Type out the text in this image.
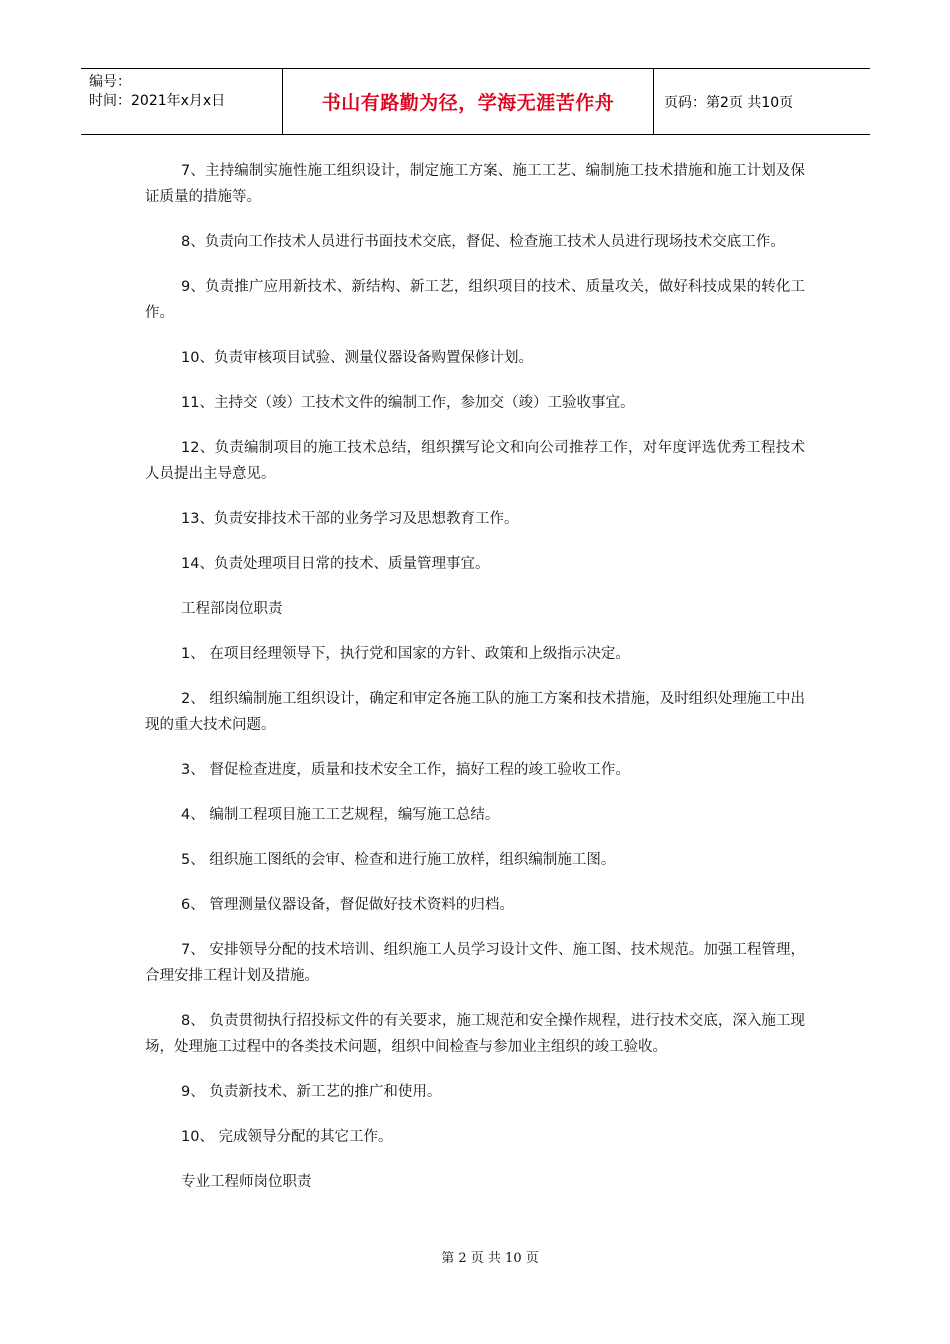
编号：
时间：2021年x月x日	书山有路勤为径，学海无涯苦作舟	页码：第2页 共10页

7、主持编制实施性施工组织设计，制定施工方案、施工工艺、编制施工技术措施和施工计划及保证质量的措施等。

8、负责向工作技术人员进行书面技术交底，督促、检查施工技术人员进行现场技术交底工作。

9、负责推广应用新技术、新结构、新工艺，组织项目的技术、质量攻关，做好科技成果的转化工作。

10、负责审核项目试验、测量仪器设备购置保修计划。

11、主持交（竣）工技术文件的编制工作，参加交（竣）工验收事宜。

12、负责编制项目的施工技术总结，组织撰写论文和向公司推荐工作，对年度评选优秀工程技术人员提出主导意见。

13、负责安排技术干部的业务学习及思想教育工作。

14、负责处理项目日常的技术、质量管理事宜。

工程部岗位职责

1、 在项目经理领导下，执行党和国家的方针、政策和上级指示决定。

2、 组织编制施工组织设计，确定和审定各施工队的施工方案和技术措施，及时组织处理施工中出现的重大技术问题。

3、 督促检查进度，质量和技术安全工作，搞好工程的竣工验收工作。

4、 编制工程项目施工工艺规程，编写施工总结。

5、 组织施工图纸的会审、检查和进行施工放样，组织编制施工图。

6、 管理测量仪器设备，督促做好技术资料的归档。

7、 安排领导分配的技术培训、组织施工人员学习设计文件、施工图、技术规范。加强工程管理，合理安排工程计划及措施。

8、 负责贯彻执行招投标文件的有关要求，施工规范和安全操作规程，进行技术交底，深入施工现场，处理施工过程中的各类技术问题，组织中间检查与参加业主组织的竣工验收。

9、 负责新技术、新工艺的推广和使用。

10、 完成领导分配的其它工作。

专业工程师岗位职责

第 2 页 共 10 页
